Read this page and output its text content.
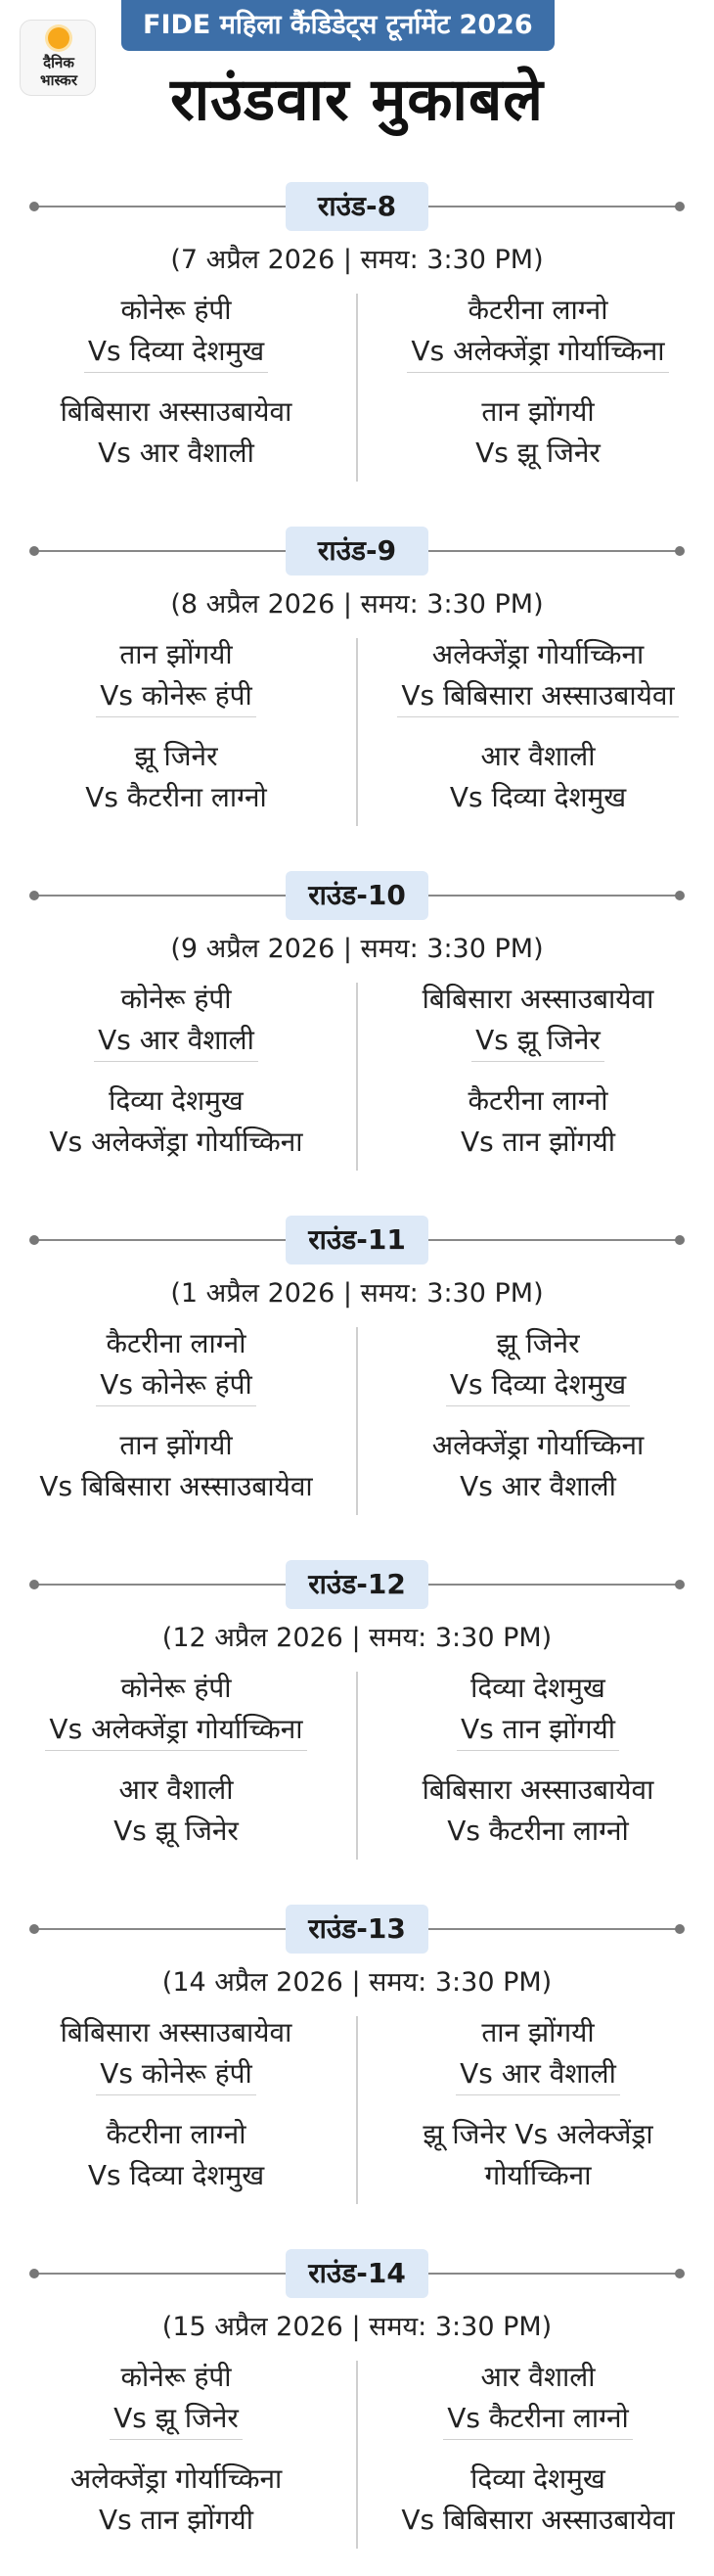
दैनिक
भास्कर
FIDE महिला कैंडिडेट्स टूर्नामेंट 2026
राउंडवार मुकाबले
राउंड-8
(7 अप्रैल 2026 | समय: 3:30 PM)
कोनेरू हंपी
Vs दिव्या देशमुख
कैटरीना लाग्नो
Vs अलेक्जेंड्रा गोर्याच्किना
बिबिसारा अस्साउबायेवा
Vs आर वैशाली
तान झोंगयी
Vs झू जिनेर
राउंड-9
(8 अप्रैल 2026 | समय: 3:30 PM)
तान झोंगयी
Vs कोनेरू हंपी
अलेक्जेंड्रा गोर्याच्किना
Vs बिबिसारा अस्साउबायेवा
झू जिनेर
Vs कैटरीना लाग्नो
आर वैशाली
Vs दिव्या देशमुख
राउंड-10
(9 अप्रैल 2026 | समय: 3:30 PM)
कोनेरू हंपी
Vs आर वैशाली
बिबिसारा अस्साउबायेवा
Vs झू जिनेर
दिव्या देशमुख
Vs अलेक्जेंड्रा गोर्याच्किना
कैटरीना लाग्नो
Vs तान झोंगयी
राउंड-11
(1 अप्रैल 2026 | समय: 3:30 PM)
कैटरीना लाग्नो
Vs कोनेरू हंपी
झू जिनेर
Vs दिव्या देशमुख
तान झोंगयी
Vs बिबिसारा अस्साउबायेवा
अलेक्जेंड्रा गोर्याच्किना
Vs आर वैशाली
राउंड-12
(12 अप्रैल 2026 | समय: 3:30 PM)
कोनेरू हंपी
Vs अलेक्जेंड्रा गोर्याच्किना
दिव्या देशमुख
Vs तान झोंगयी
आर वैशाली
Vs झू जिनेर
बिबिसारा अस्साउबायेवा
Vs कैटरीना लाग्नो
राउंड-13
(14 अप्रैल 2026 | समय: 3:30 PM)
बिबिसारा अस्साउबायेवा
Vs कोनेरू हंपी
तान झोंगयी
Vs आर वैशाली
कैटरीना लाग्नो
Vs दिव्या देशमुख
झू जिनेर Vs अलेक्जेंड्रा
गोर्याच्किना
राउंड-14
(15 अप्रैल 2026 | समय: 3:30 PM)
कोनेरू हंपी
Vs झू जिनेर
आर वैशाली
Vs कैटरीना लाग्नो
अलेक्जेंड्रा गोर्याच्किना
Vs तान झोंगयी
दिव्या देशमुख
Vs बिबिसारा अस्साउबायेवा
